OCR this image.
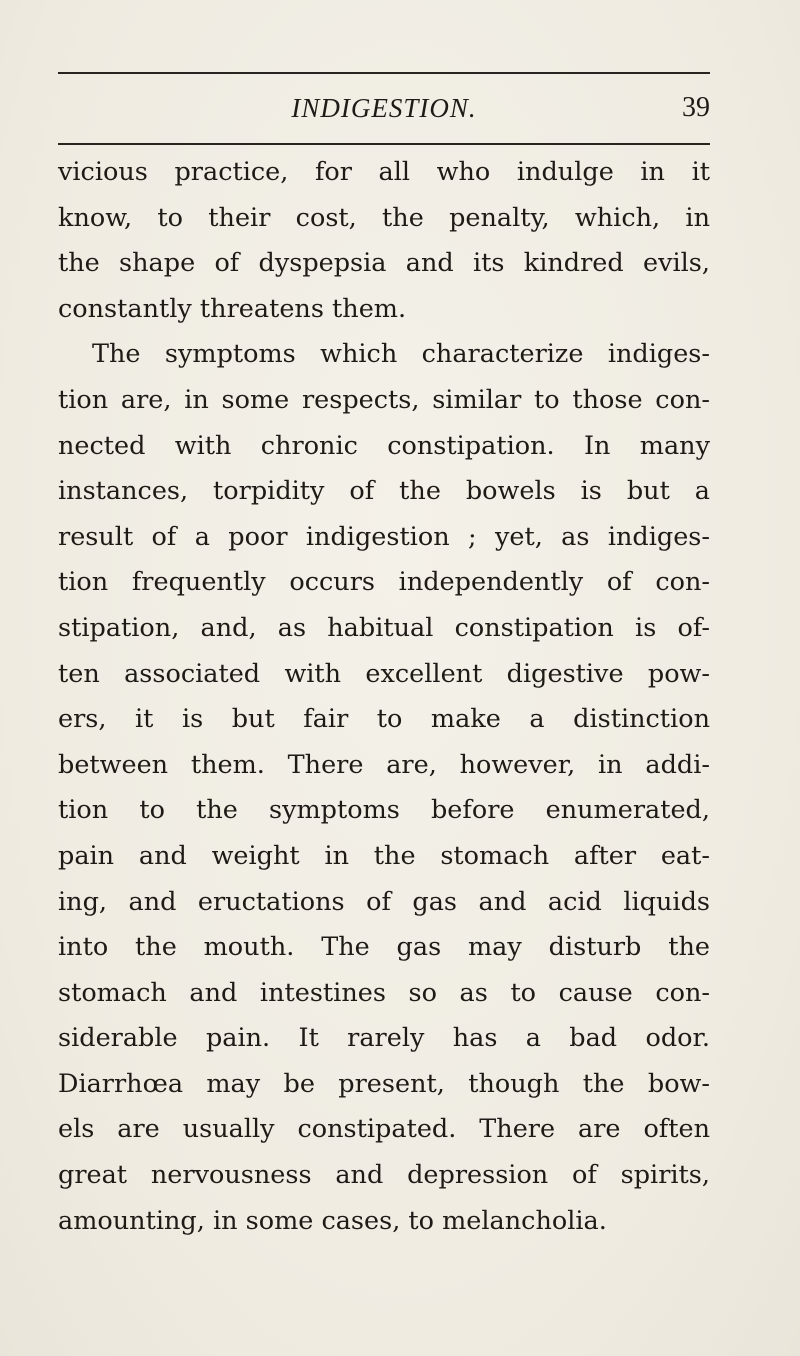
INDIGESTION.	39
vicious practice, for all who indulge in it
know, to their cost, the penalty, which, in
the shape of dyspepsia and its kindred evils,
constantly threatens them.
The symptoms which characterize indiges-
tion are, in some respects, similar to those con-
nected with chronic constipation. In many
instances, torpidity of the bowels is but a
result of a poor indigestion ; yet, as indiges-
tion frequently occurs independently of con-
stipation, and, as habitual constipation is of-
ten associated with excellent digestive pow-
ers, it is but fair to make a distinction
between them. There are, however, in addi-
tion to the symptoms before enumerated,
pain and weight in the stomach after eat-
ing, and eructations of gas and acid liquids
into the mouth. The gas may disturb the
stomach and intestines so as to cause con-
siderable pain. It rarely has a bad odor.
Diarrhœa may be present, though the bow-
els are usually constipated. There are often
great nervousness and depression of spirits,
amounting, in some cases, to melancholia.
